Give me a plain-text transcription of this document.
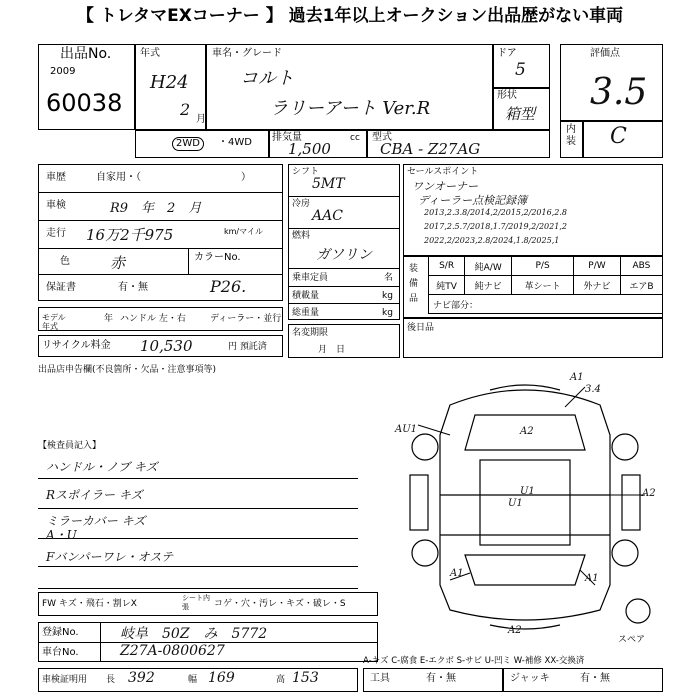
【 トレタマEXコーナー 】 過去1年以上オークション出品歴がない車両
出品No.
2009
60038
年式
H24
2
月
車名・グレード
コルト
ラリーアート Ver.R
ドア
5
形状
箱型
評価点
3.5
内装 C
2WD	・4WD 排気量	cc
1,500
型式
CBA - Z27AG
車歴	自家用・（　　　　　　　　　　）
車検	R9　年　2　月
走行 16万2千975	km/マイル
色	赤	カラーNo.
P26.
保証書	有・無
モデル年式
年 ハンドル 左・右	ディーラー・並行
リサイクル料金 10,530	円 預託済
出品店申告欄(不良箇所・欠品・注意事項等)
シフト
5MT
冷房
AAC
燃料
ガソリン
乗車定員	名
積載量	kg
総重量	kg
名変期限
月　日
セールスポイント
ワンオーナー
ディーラー点検記録簿
2013,2.3.8/2014,2/2015,2/2016,2.8
2017,2.5.7/2018,1.7/2019,2/2021,2
2022,2/2023,2.8/2024,1.8/2025,1
装備品
S/R	純A/W	P/S	P/W	ABS
純TV	純ナビ	革シート	外ナビ	エアB
ナビ部分：				
後日品
【検査員記入】
ハンドル・ノブ キズ
Rスポイラー キズ
ミラーカバー キズ
A・U
Fバンパーワレ・オステ
A1
3.4
AU1
U1
A2
A1	A1
A2
U1
A2
スペア
FW キズ・飛石・割レX
シート内張	コゲ・穴・汚レ・キズ・破レ・S
登録No.	岐阜　50Z　み　5772
車台No.	Z27A-0800627
A-キズ C-腐食 E-エクボ S-サビ U-凹ミ W-補修 XX-交換済
車検証明用 長 392	幅 169	高 153	工具	有・無	ジャッキ	有・無
